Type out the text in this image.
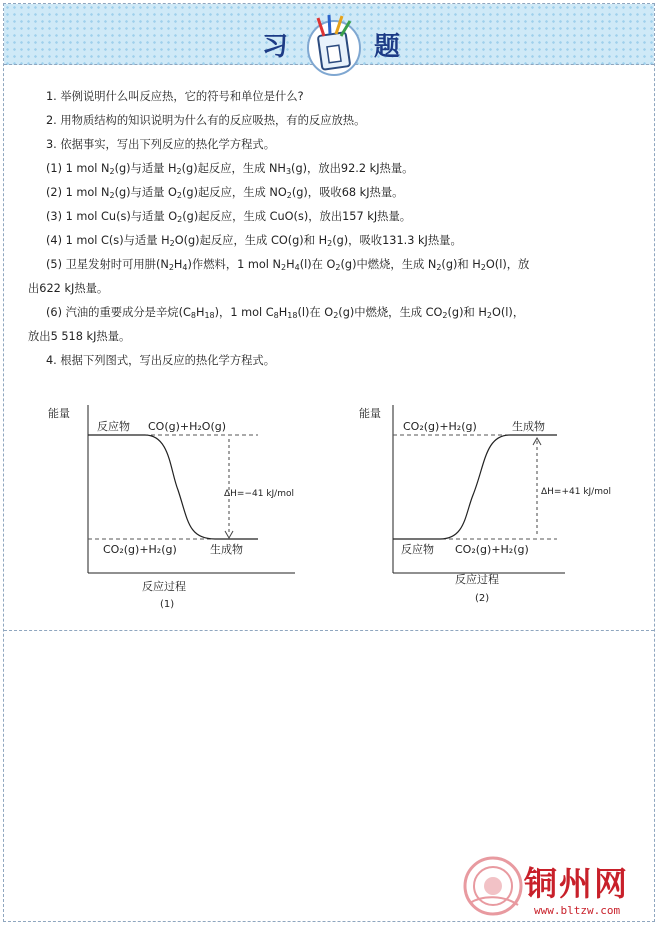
习	题
1. 举例说明什么叫反应热，它的符号和单位是什么?
2. 用物质结构的知识说明为什么有的反应吸热，有的反应放热。
3. 依据事实，写出下列反应的热化学方程式。
(1) 1 mol $N_2(g)$与适量 $H_2(g)$起反应，生成 $NH_3(g)$，放出92.2 kJ热量。
(2) 1 mol $N_2(g)$与适量 $O_2(g)$起反应，生成 $NO_2(g)$，吸收68 kJ热量。
(3) 1 mol Cu(s)与适量 $O_2(g)$起反应，生成 CuO(s)，放出157 kJ热量。
(4) 1 mol C(s)与适量 $H_2O(g)$起反应，生成 CO(g)和 $H_2(g)$，吸收131.3 kJ热量。
(5) 卫星发射时可用肼$(N_2H_4)$作燃料，1 mol $N_2H_4(l)$在 $O_2(g)$中燃烧，生成 $N_2(g)$和 $H_2O(l)$，放
出622 kJ热量。
(6) 汽油的重要成分是辛烷$(C_8H_{18})$，1 mol $C_8H_{18}(l)$在 $O_2(g)$中燃烧，生成 $CO_2(g)$和 $H_2O(l)$，
放出5 518 kJ热量。
4. 根据下列图式，写出反应的热化学方程式。
能量
反应物 CO(g)+H₂O(g)
CO₂(g)+H₂(g)	生成物
ΔH=−41 kJ/mol
反应过程
(1)
能量
CO₂(g)+H₂(g)	生成物
反应物 CO₂(g)+H₂(g)
ΔH=+41 kJ/mol
反应过程
(2)
铜州网
www.bltzw.com
